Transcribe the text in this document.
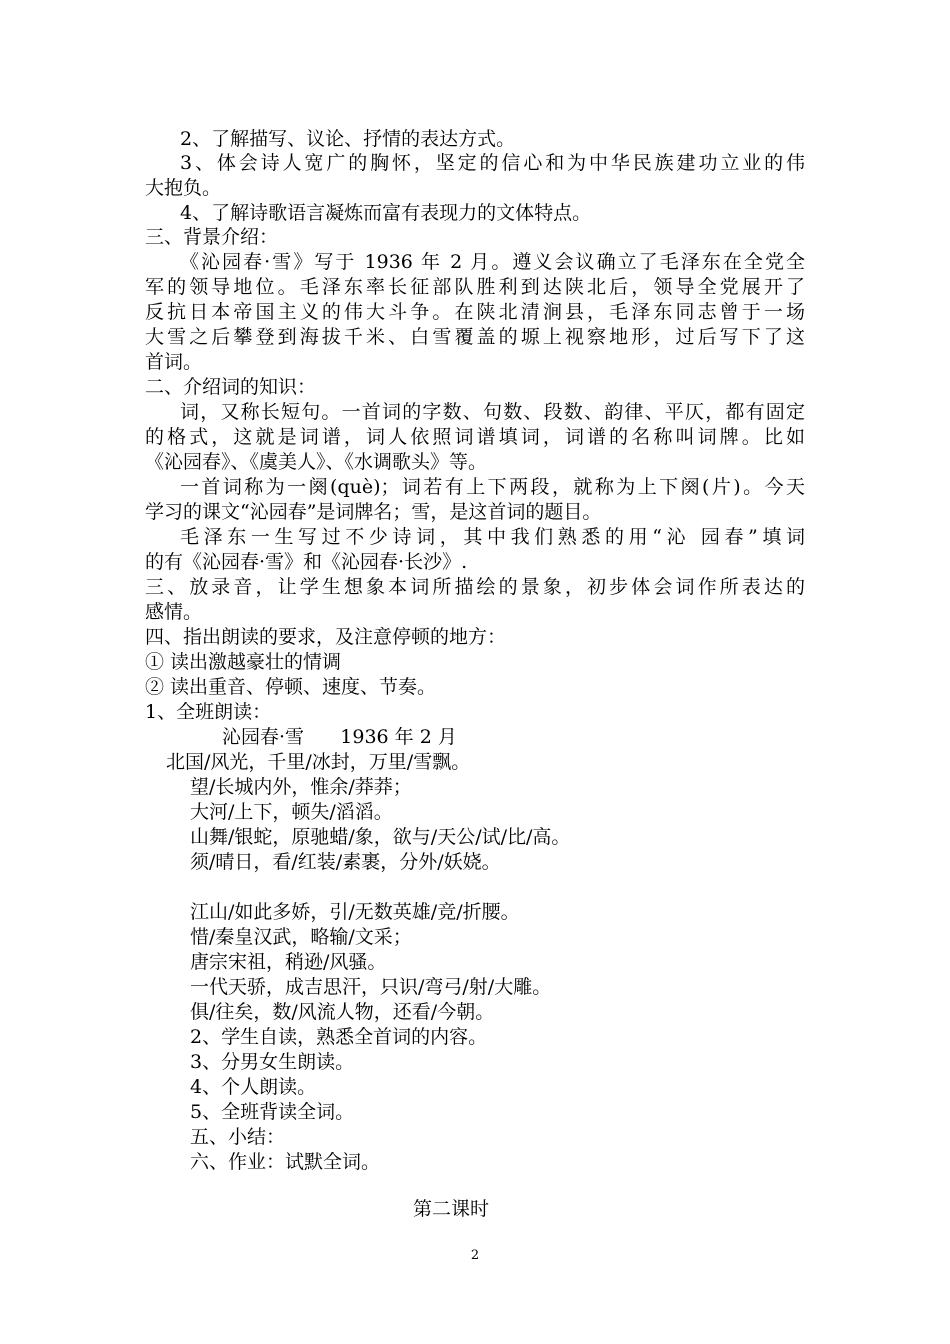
2、了解描写、议论、抒情的表达方式。
3、体会诗人宽广的胸怀，坚定的信心和为中华民族建功立业的伟
大抱负。
4、了解诗歌语言凝炼而富有表现力的文体特点。
三、背景介绍：
《沁园春·雪》写于 1936 年 2 月。遵义会议确立了毛泽东在全党全
军的领导地位。毛泽东率长征部队胜利到达陕北后，领导全党展开了
反抗日本帝国主义的伟大斗争。在陕北清涧县，毛泽东同志曾于一场
大雪之后攀登到海拔千米、白雪覆盖的塬上视察地形，过后写下了这
首词。
二、介绍词的知识：
词，又称长短句。一首词的字数、句数、段数、韵律、平仄，都有固定
的格式，这就是词谱，词人依照词谱填词，词谱的名称叫词牌。比如
《沁园春》、《虞美人》、《水调歌头》等。
一首词称为一阕(què)；词若有上下两段，就称为上下阕(片)。今天
学习的课文“沁园春”是词牌名；雪，是这首词的题目。
毛泽东一生写过不少诗词，其中我们熟悉的用“沁 园春”填词
的有《沁园春·雪》和《沁园春·长沙》.
三、放录音，让学生想象本词所描绘的景象，初步体会词作所表达的
感情。
四、指出朗读的要求，及注意停顿的地方：
① 读出激越豪壮的情调
② 读出重音、停顿、速度、节奏。
1、全班朗读：
沁园春·雪      1936 年 2 月
北国/风光，千里/冰封，万里/雪飘。
望/长城内外，惟余/莽莽；
大河/上下，顿失/滔滔。
山舞/银蛇，原驰蜡/象，欲与/天公/试/比/高。
须/晴日，看/红装/素裹，分外/妖娆。
江山/如此多娇，引/无数英雄/竞/折腰。
惜/秦皇汉武，略输/文采；
唐宗宋祖，稍逊/风骚。
一代天骄，成吉思汗，只识/弯弓/射/大雕。
俱/往矣，数/风流人物，还看/今朝。
2、学生自读，熟悉全首词的内容。
3、分男女生朗读。
4、个人朗读。
5、全班背读全词。
五、小结：
六、作业：试默全词。
第二课时
2
